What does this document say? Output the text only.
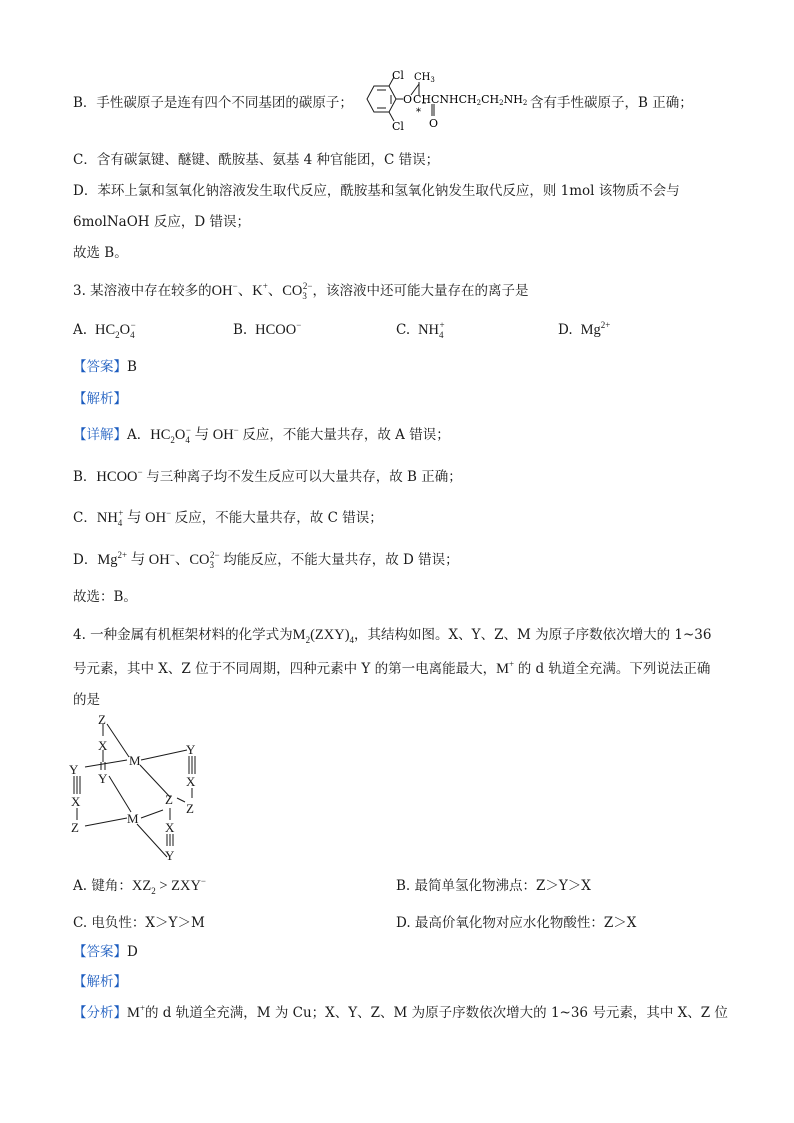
B．手性碳原子是连有四个不同基团的碳原子；
Cl
Cl
$CH_3$
O CHCNHCH2CH2NH2
*
O
含有手性碳原子，B 正确；
C．含有碳氯键、醚键、酰胺基、氨基 4 种官能团，C 错误；
D．苯环上氯和氢氧化钠溶液发生取代反应，酰胺基和氢氧化钠发生取代反应，则 1mol 该物质不会与
6molNaOH 反应，D 错误；
故选 B。
3. 某溶液中存在较多的OH−、K+、$CO_3^{2-}$，该溶液中还可能大量存在的离子是
A.  $HC_2O_4^-$	B.  HCOO−	C.  $NH_4^+$	D.  $Mg^{2+}$
【答案】B
【解析】
【详解】A．$HC_2O_4^-$ 与 OH− 反应，不能大量共存，故 A 错误；
B．HCOO− 与三种离子均不发生反应可以大量共存，故 B 正确；
C．$NH_4^+$ 与 OH− 反应，不能大量共存，故 C 错误；
D．$Mg^{2+}$ 与 OH−、$CO_3^{2-}$ 均能反应，不能大量共存，故 D 错误；
故选：B。
4. 一种金属有机框架材料的化学式为$M_2(ZXY)_4$，其结构如图。X、Y、Z、M 为原子序数依次增大的 1~36
号元素，其中 X、Z 位于不同周期，四种元素中 Y 的第一电离能最大，M+ 的 d 轨道全充满。下列说法正确
的是
Z
X
Y
M
Y
X
Z
Y
X
Z
Z
M
X
Y
A. 键角：$XZ_2 > ZXY^-$	B. 最简单氢化物沸点：Z＞Y＞X
C. 电负性：X＞Y＞M	D. 最高价氧化物对应水化物酸性：Z＞X
【答案】D
【解析】
【分析】M+的 d 轨道全充满，M 为 Cu；X、Y、Z、M 为原子序数依次增大的 1~36 号元素，其中 X、Z 位
